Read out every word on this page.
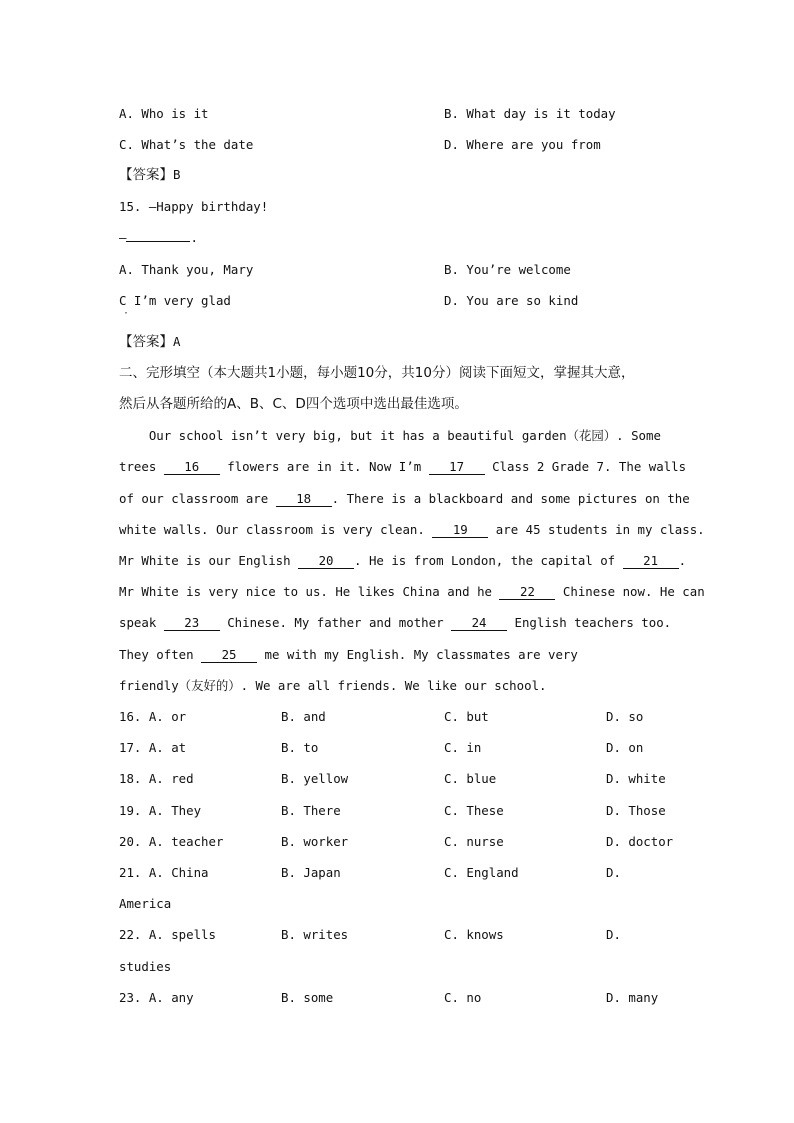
A. Who is it	B. What day is it today
C. What’s the date	D. Where are you from
【答案】B
15. —Happy birthday!
—	.
A. Thank you, Mary	B. You’re welcome
C I’m very glad	D. You are so kind
·
【答案】A
二、完形填空（本大题共1小题，每小题10分，共10分）阅读下面短文，掌握其大意，
然后从各题所给的A、B、C、D四个选项中选出最佳选项。
Our school isn’t very big, but it has a beautiful garden（花园）. Some
trees 16 flowers are in it. Now I’m 17 Class 2 Grade 7. The walls
of our classroom are 18 . There is a blackboard and some pictures on the
white walls. Our classroom is very clean. 19 are 45 students in my class.
Mr White is our English 20 . He is from London, the capital of 21 .
Mr White is very nice to us. He likes China and he 22 Chinese now. He can
speak 23 Chinese. My father and mother 24 English teachers too.
They often 25 me with my English. My classmates are very
friendly（友好的）. We are all friends. We like our school.
16. A. or	B. and	C. but	D. so
17. A. at	B. to	C. in	D. on
18. A. red	B. yellow	C. blue	D. white
19. A. They	B. There	C. These	D. Those
20. A. teacher	B. worker	C. nurse	D. doctor
21. A. China	B. Japan	C. England	D.
America
22. A. spells	B. writes	C. knows	D.
studies
23. A. any	B. some	C. no	D. many
